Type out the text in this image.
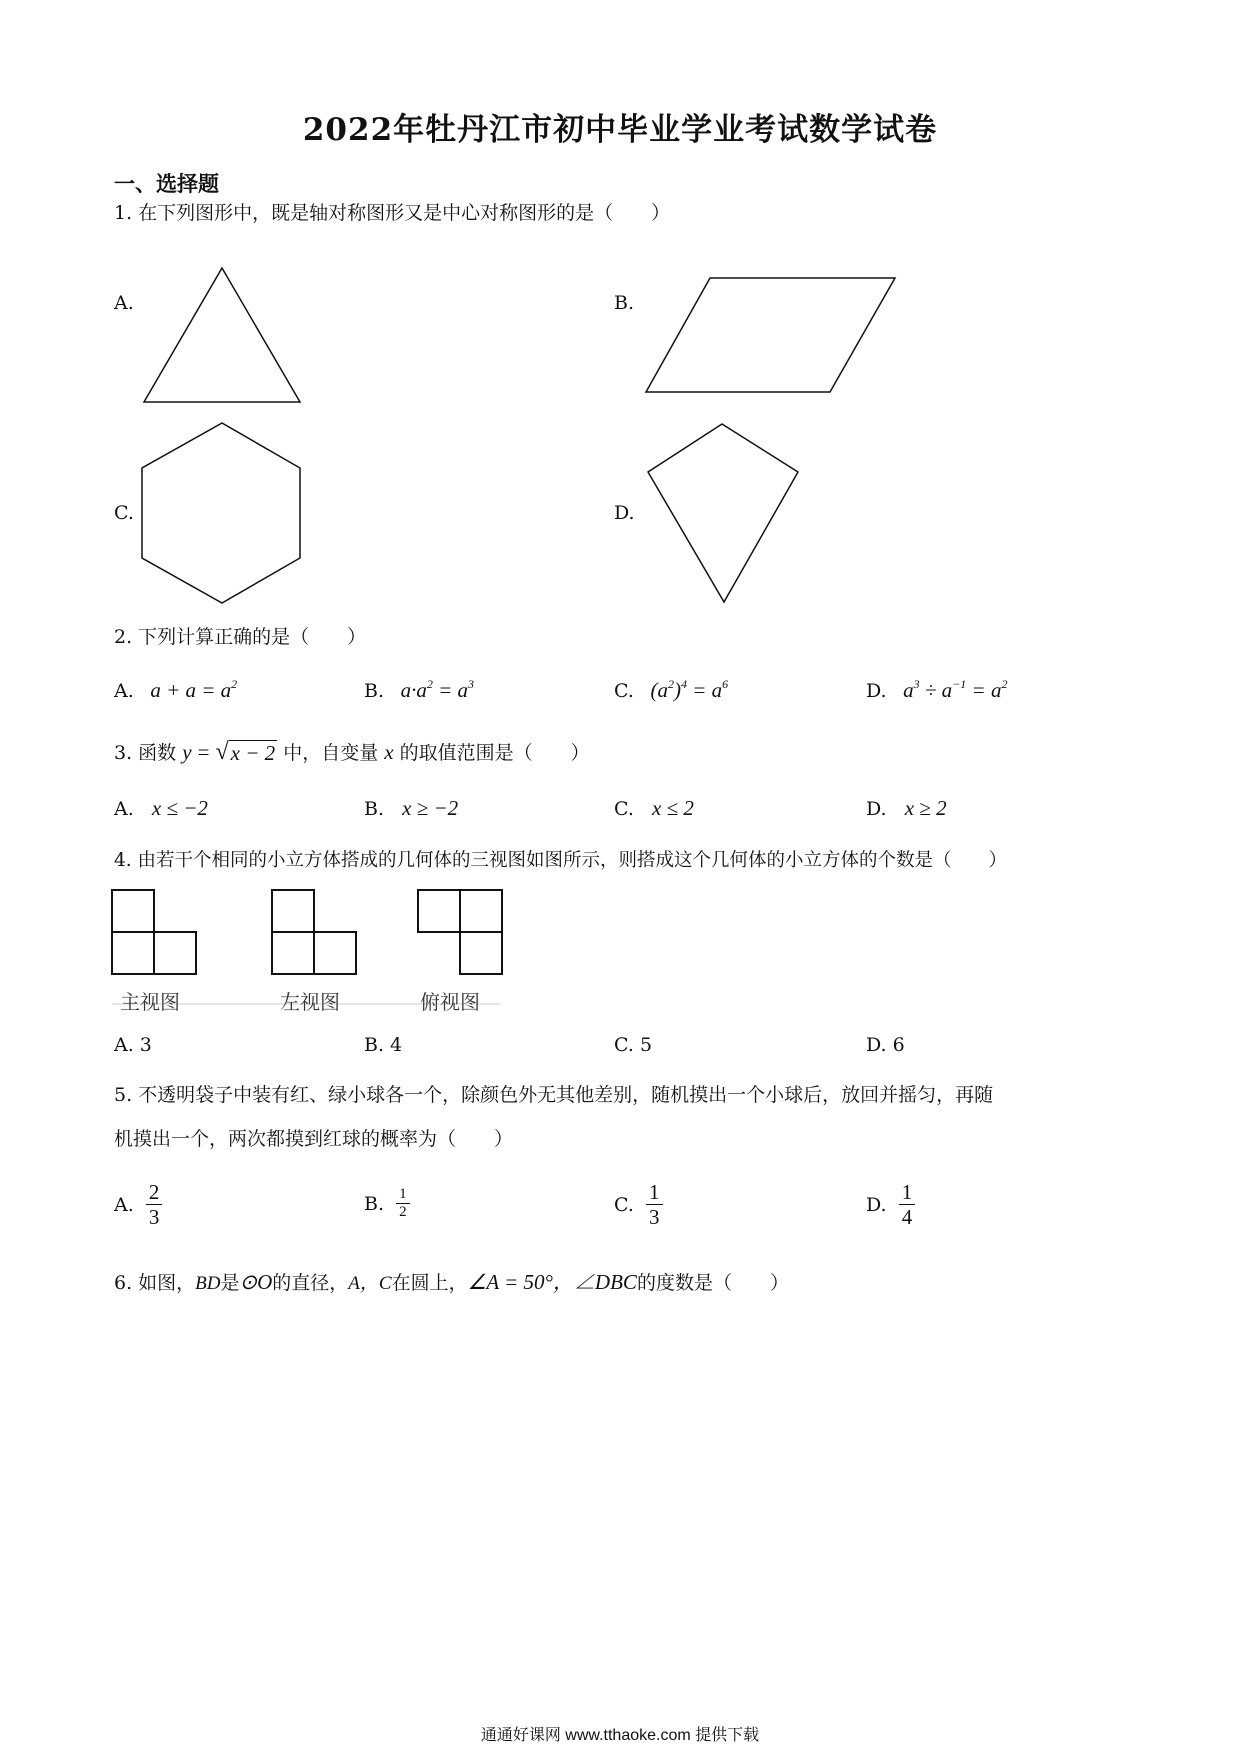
2022年牡丹江市初中毕业学业考试数学试卷
一、选择题
1. 在下列图形中，既是轴对称图形又是中心对称图形的是（　　）
A.	B.
C.	D.
2. 下列计算正确的是（　　）
A.   $a + a = a^2$	B.   $a\cdot a^2 = a^3$	C.   $(a^2)^4 = a^6$	D.   $a^3 \div a^{-1} = a^2$
3. 函数 y = √ x − 2 中，自变量 x 的取值范围是（　　）
A. x ≤ −2	B. x ≥ −2	C. x ≤ 2	D. x ≥ 2
4. 由若干个相同的小立方体搭成的几何体的三视图如图所示，则搭成这个几何体的小立方体的个数是（　　）
主视图	左视图	俯视图
A. 3	B. 4	C. 5	D. 6
5. 不透明袋子中装有红、绿小球各一个，除颜色外无其他差别，随机摸出一个小球后，放回并摇匀，再随
机摸出一个，两次都摸到红球的概率为（　　）
A.
$\frac{2}{3}$	B.
$\frac{1}{2}$	C.
$\frac{1}{3}$	D.
$\frac{1}{4}$
6. 如图，BD是⊙O的直径，A，C在圆上，∠A = 50°，∠DBC的度数是（　　）
通通好课网 www.tthaoke.com 提供下载
